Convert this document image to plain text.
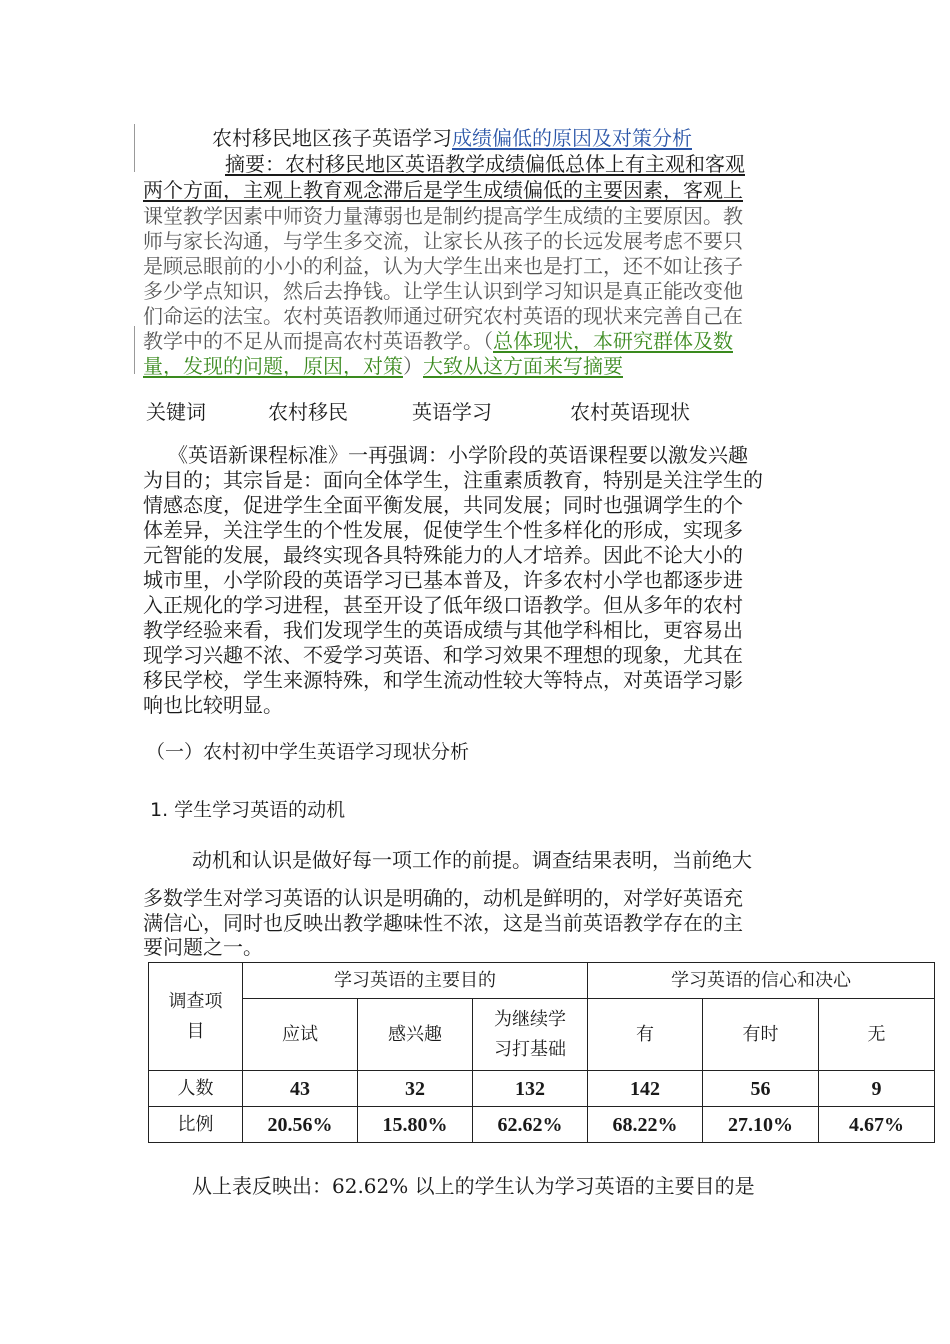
农村移民地区孩子英语学习成绩偏低的原因及对策分析
摘要：农村移民地区英语教学成绩偏低总体上有主观和客观
两个方面，主观上教育观念滞后是学生成绩偏低的主要因素，客观上
课堂教学因素中师资力量薄弱也是制约提高学生成绩的主要原因。教
师与家长沟通，与学生多交流，让家长从孩子的长远发展考虑不要只
是顾忌眼前的小小的利益，认为大学生出来也是打工，还不如让孩子
多少学点知识，然后去挣钱。让学生认识到学习知识是真正能改变他
们命运的法宝。农村英语教师通过研究农村英语的现状来完善自己在
教学中的不足从而提高农村英语教学。（总体现状，本研究群体及数
量，发现的问题，原因，对策）大致从这方面来写摘要
关键词	农村移民	英语学习	农村英语现状
《英语新课程标准》一再强调：小学阶段的英语课程要以激发兴趣
为目的；其宗旨是：面向全体学生，注重素质教育，特别是关注学生的
情感态度，促进学生全面平衡发展，共同发展；同时也强调学生的个
体差异，关注学生的个性发展，促使学生个性多样化的形成，实现多
元智能的发展，最终实现各具特殊能力的人才培养。因此不论大小的
城市里，小学阶段的英语学习已基本普及，许多农村小学也都逐步进
入正规化的学习进程，甚至开设了低年级口语教学。但从多年的农村
教学经验来看，我们发现学生的英语成绩与其他学科相比，更容易出
现学习兴趣不浓、不爱学习英语、和学习效果不理想的现象，尤其在
移民学校，学生来源特殊，和学生流动性较大等特点，对英语学习影
响也比较明显。
（一）农村初中学生英语学习现状分析
1. 学生学习英语的动机
动机和认识是做好每一项工作的前提。调查结果表明，当前绝大
多数学生对学习英语的认识是明确的，动机是鲜明的，对学好英语充
满信心，同时也反映出教学趣味性不浓，这是当前英语教学存在的主
要问题之一。
调查项
目	学习英语的主要目的			学习英语的信心和决心		
	应试	感兴趣	为继续学
习打基础	有	有时	无
人数	43	32	132	142	56	9
比例	20.56%	15.80%	62.62%	68.22%	27.10%	4.67%
从上表反映出：62.62% 以上的学生认为学习英语的主要目的是
